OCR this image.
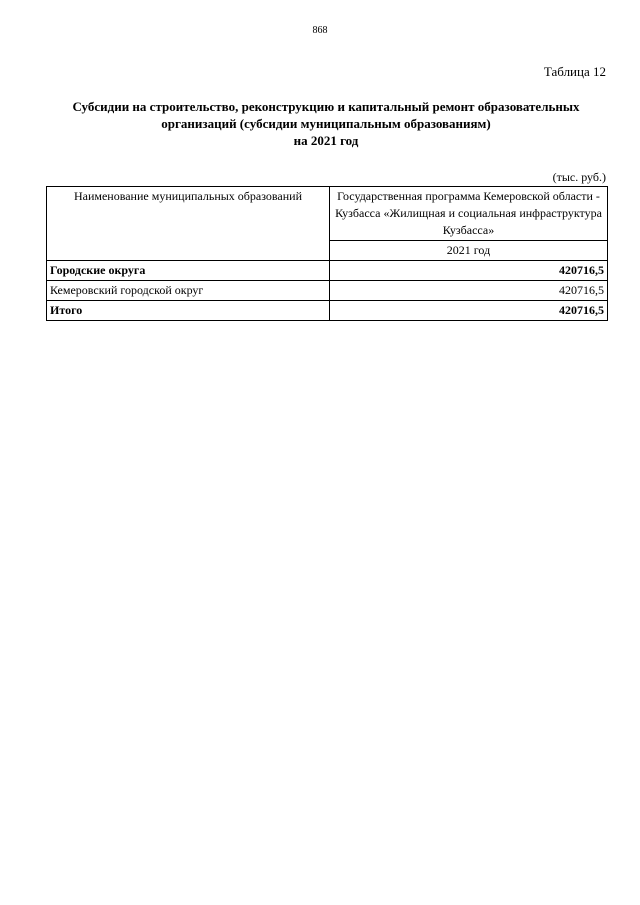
868
Таблица 12
Субсидии на строительство, реконструкцию и капитальный ремонт образовательных
организаций (субсидии муниципальным образованиям)
на 2021 год
(тыс. руб.)
Наименование муниципальных образований	Государственная программа Кемеровской области - Кузбасса «Жилищная и социальная инфраструктура Кузбасса»
	2021 год
Городские округа	420716,5
Кемеровский городской округ	420716,5
Итого	420716,5
